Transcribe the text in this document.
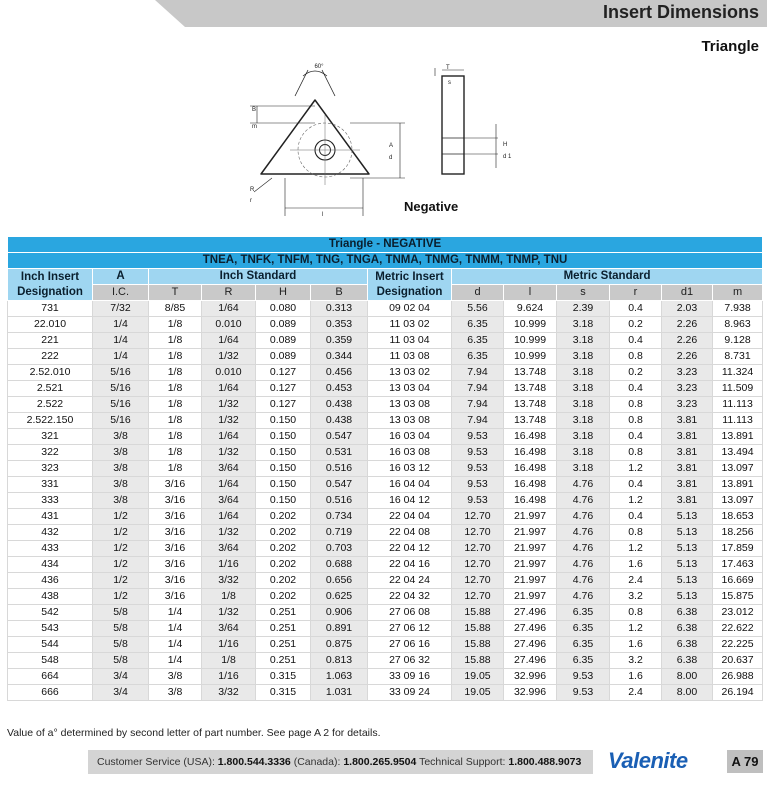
Insert Dimensions
Triangle
60°
B
m
A
d
R
r
l
T
s
H
d 1
Negative
Triangle - NEGATIVE												
TNEA, TNFK, TNFM, TNG, TNGA, TNMA, TNMG, TNMM, TNMP, TNU												
Inch Insert Designation	A	Inch Standard				Metric Insert Designation	Metric Standard					
	I.C.	T	R	H	B		d	l	s	r	d1	m
731	7/32	8/85	1/64	0.080	0.313	09 02 04	5.56	9.624	2.39	0.4	2.03	7.938
22.010	1/4	1/8	0.010	0.089	0.353	11 03 02	6.35	10.999	3.18	0.2	2.26	8.963
221	1/4	1/8	1/64	0.089	0.359	11 03 04	6.35	10.999	3.18	0.4	2.26	9.128
222	1/4	1/8	1/32	0.089	0.344	11 03 08	6.35	10.999	3.18	0.8	2.26	8.731
2.52.010	5/16	1/8	0.010	0.127	0.456	13 03 02	7.94	13.748	3.18	0.2	3.23	11.324
2.521	5/16	1/8	1/64	0.127	0.453	13 03 04	7.94	13.748	3.18	0.4	3.23	11.509
2.522	5/16	1/8	1/32	0.127	0.438	13 03 08	7.94	13.748	3.18	0.8	3.23	11.113
2.522.150	5/16	1/8	1/32	0.150	0.438	13 03 08	7.94	13.748	3.18	0.8	3.81	11.113
321	3/8	1/8	1/64	0.150	0.547	16 03 04	9.53	16.498	3.18	0.4	3.81	13.891
322	3/8	1/8	1/32	0.150	0.531	16 03 08	9.53	16.498	3.18	0.8	3.81	13.494
323	3/8	1/8	3/64	0.150	0.516	16 03 12	9.53	16.498	3.18	1.2	3.81	13.097
331	3/8	3/16	1/64	0.150	0.547	16 04 04	9.53	16.498	4.76	0.4	3.81	13.891
333	3/8	3/16	3/64	0.150	0.516	16 04 12	9.53	16.498	4.76	1.2	3.81	13.097
431	1/2	3/16	1/64	0.202	0.734	22 04 04	12.70	21.997	4.76	0.4	5.13	18.653
432	1/2	3/16	1/32	0.202	0.719	22 04 08	12.70	21.997	4.76	0.8	5.13	18.256
433	1/2	3/16	3/64	0.202	0.703	22 04 12	12.70	21.997	4.76	1.2	5.13	17.859
434	1/2	3/16	1/16	0.202	0.688	22 04 16	12.70	21.997	4.76	1.6	5.13	17.463
436	1/2	3/16	3/32	0.202	0.656	22 04 24	12.70	21.997	4.76	2.4	5.13	16.669
438	1/2	3/16	1/8	0.202	0.625	22 04 32	12.70	21.997	4.76	3.2	5.13	15.875
542	5/8	1/4	1/32	0.251	0.906	27 06 08	15.88	27.496	6.35	0.8	6.38	23.012
543	5/8	1/4	3/64	0.251	0.891	27 06 12	15.88	27.496	6.35	1.2	6.38	22.622
544	5/8	1/4	1/16	0.251	0.875	27 06 16	15.88	27.496	6.35	1.6	6.38	22.225
548	5/8	1/4	1/8	0.251	0.813	27 06 32	15.88	27.496	6.35	3.2	6.38	20.637
664	3/4	3/8	1/16	0.315	1.063	33 09 16	19.05	32.996	9.53	1.6	8.00	26.988
666	3/4	3/8	3/32	0.315	1.031	33 09 24	19.05	32.996	9.53	2.4	8.00	26.194
Value of a° determined by second letter of part number. See page A 2 for details.
Customer Service (USA): 1.800.544.3336 (Canada): 1.800.265.9504 Technical Support: 1.800.488.9073 Valenite	A 79
